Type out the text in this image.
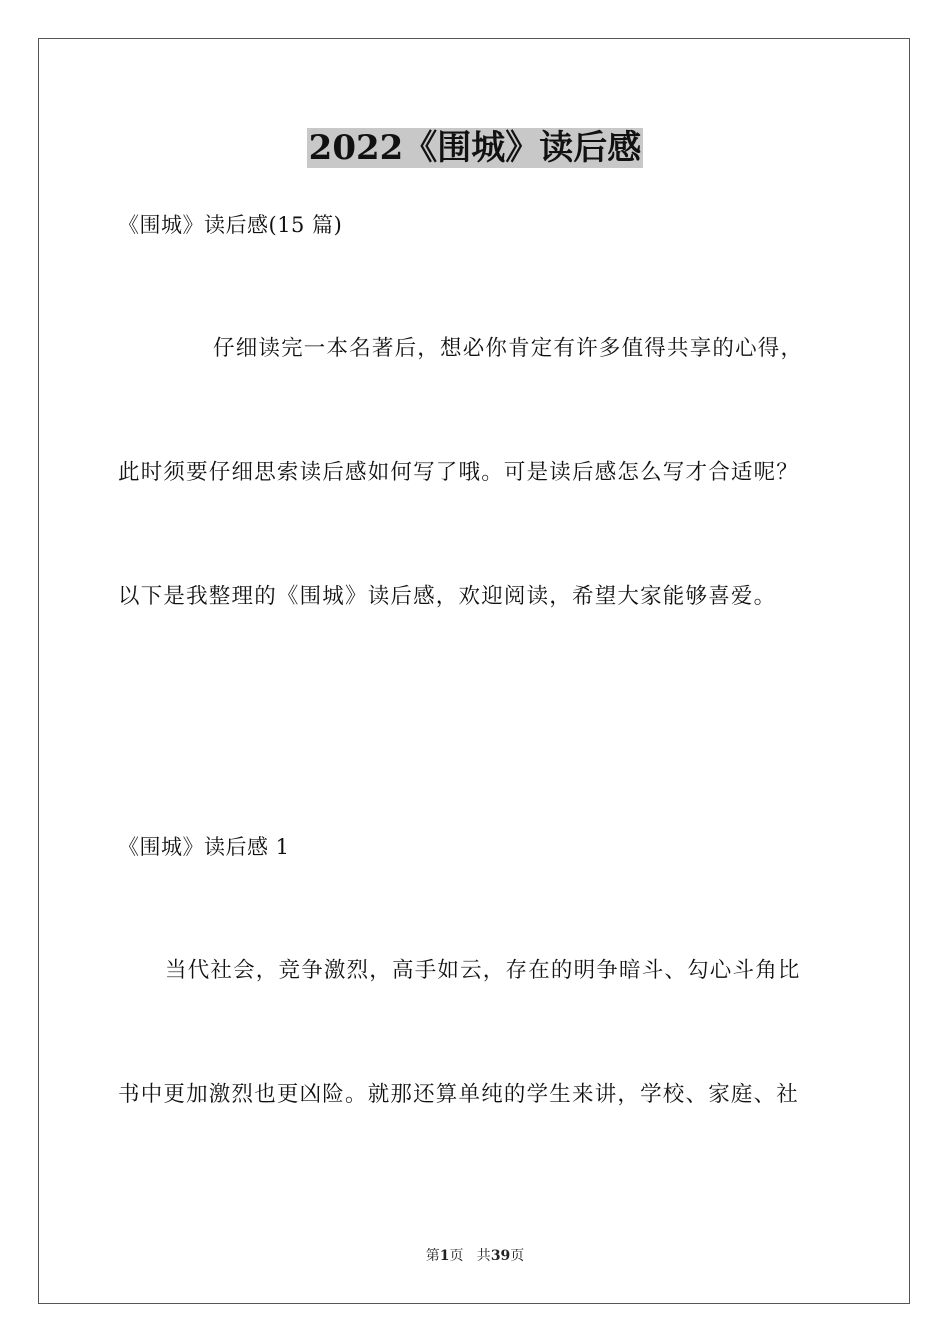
2022《围城》读后感
《围城》读后感(15 篇)
仔细读完一本名著后，想必你肯定有许多值得共享的心得，
此时须要仔细思索读后感如何写了哦。可是读后感怎么写才合适呢？
以下是我整理的《围城》读后感，欢迎阅读，希望大家能够喜爱。
《围城》读后感 1
当代社会，竞争激烈，高手如云，存在的明争暗斗、勾心斗角比
书中更加激烈也更凶险。就那还算单纯的学生来讲，学校、家庭、社
第1页   共39页
